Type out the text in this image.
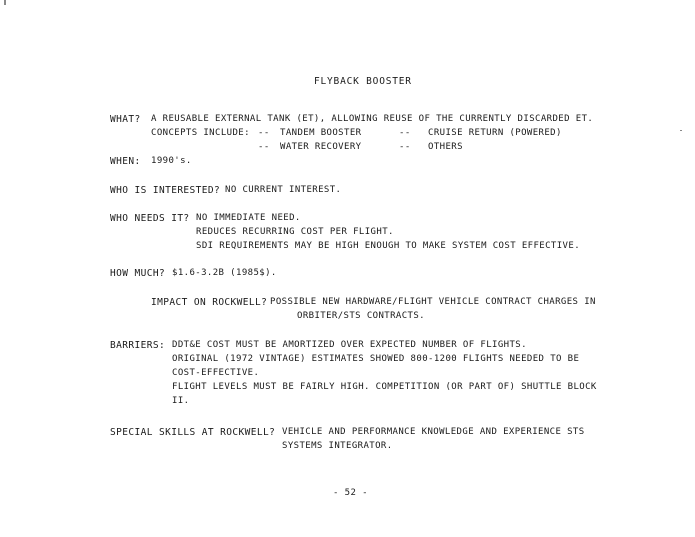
FLYBACK BOOSTER
WHAT? A REUSABLE EXTERNAL TANK (ET), ALLOWING REUSE OF THE CURRENTLY DISCARDED ET.
CONCEPTS INCLUDE: -- TANDEM BOOSTER	-- CRUISE RETURN (POWERED)
-- WATER RECOVERY	-- OTHERS
WHEN: 1990's.
WHO IS INTERESTED? NO CURRENT INTEREST.
WHO NEEDS IT? NO IMMEDIATE NEED.
REDUCES RECURRING COST PER FLIGHT.
SDI REQUIREMENTS MAY BE HIGH ENOUGH TO MAKE SYSTEM COST EFFECTIVE.
HOW MUCH? $1.6-3.2B (1985$).
IMPACT ON ROCKWELL? POSSIBLE NEW HARDWARE/FLIGHT VEHICLE CONTRACT CHARGES IN
ORBITER/STS CONTRACTS.
BARRIERS: DDT&E COST MUST BE AMORTIZED OVER EXPECTED NUMBER OF FLIGHTS.
ORIGINAL (1972 VINTAGE) ESTIMATES SHOWED 800-1200 FLIGHTS NEEDED TO BE
COST-EFFECTIVE.
FLIGHT LEVELS MUST BE FAIRLY HIGH. COMPETITION (OR PART OF) SHUTTLE BLOCK
II.
SPECIAL SKILLS AT ROCKWELL? VEHICLE AND PERFORMANCE KNOWLEDGE AND EXPERIENCE STS
SYSTEMS INTEGRATOR.
- 52 -
